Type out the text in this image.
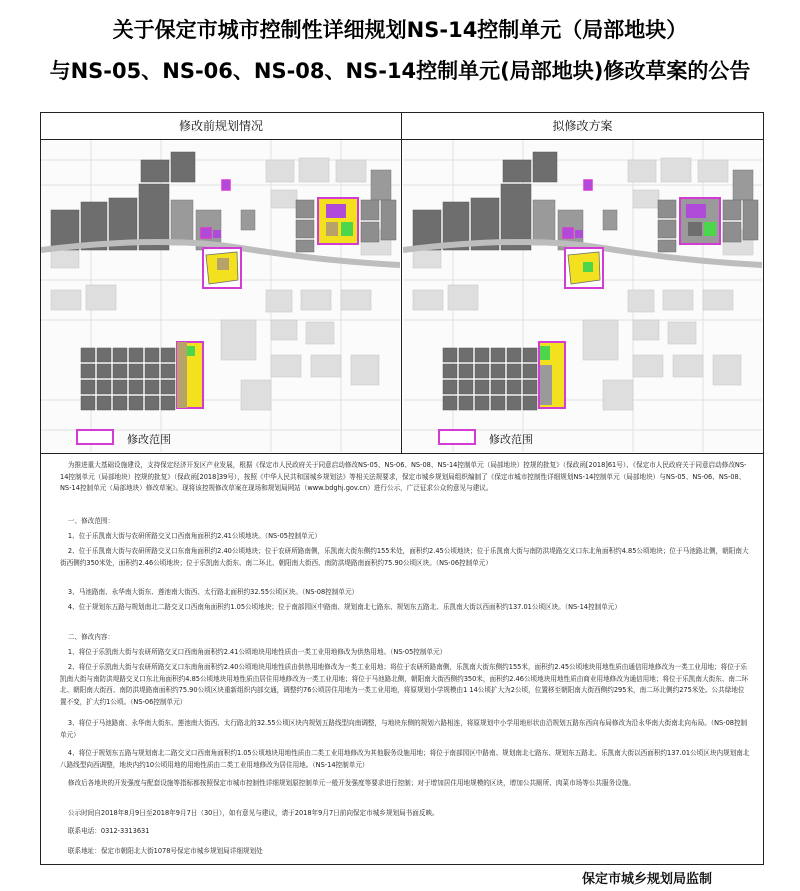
关于保定市城市控制性详细规划NS-14控制单元（局部地块）
与NS-05、NS-06、NS-08、NS-14控制单元(局部地块)修改草案的公告
修改前规划情况	拟修改方案
修改范围	修改范围
为推进重大基础设施建设，支持保定经济开发区产业发展，根据《保定市人民政府关于同意启动修改NS-05、NS-06、NS-08、NS-14控制单元（局部地块）控规的批复》（保政函[2018]61号）、《保定市人民政府关于同意启动修改NS-14控制单元（局部地块）控规的批复》（保政函[2018]39号），按照《中华人民共和国城乡规划法》等相关法规要求，保定市城乡规划局组织编制了《保定市城市控制性详细规划NS-14控制单元（局部地块）与NS-05、NS-06、NS-08、NS-14控制单元（局部地块）修改草案》。现将该控规修改草案在现场和规划局网站（www.bdghj.gov.cn）进行公示，广泛征求公众的意见与建议。
一、修改范围：
1、位于乐凯南大街与农研所路交叉口西南角面积约2.41公顷地块。（NS-05控制单元）
2、位于乐凯南大街与农研所路交叉口东南角面积约2.40公顷地块；位于农研所路南侧，乐凯南大街东侧约155米处，面积约2.45公顷地块；位于乐凯南大街与南防洪堤路交叉口东北角面积约4.85公顷地块；位于马池路北侧，朝阳南大街西侧约350米处，面积约2.46公顷地块；位于乐凯南大街东、南二环北、朝阳南大街西、南防洪堤路南面积约75.90公顷区块。（NS-06控制单元）
3、马池路南、永华南大街东、莲池南大街西、太行路北面积约32.55公顷区块。（NS-08控制单元）
4、位于规划东五路与规划南北二路交叉口西南角面积约1.05公顷地块；位于南部园区中路南、规划南北七路东、规划东五路北、乐凯南大街以西面积约137.01公顷区块。（NS-14控制单元）
二、修改内容：
1、将位于乐凯南大街与农研所路交叉口西南角面积约2.41公顷地块用地性质由一类工业用地修改为供热用地。（NS-05控制单元）
2、将位于乐凯南大街与农研所路交叉口东南角面积约2.40公顷地块用地性质由供热用地修改为一类工业用地；将位于农研所路南侧，乐凯南大街东侧约155米，面积约2.45公顷地块用地性质由通信用地修改为一类工业用地；将位于乐凯南大街与南防洪堤路交叉口东北角面积约4.85公顷地块用地性质由居住用地修改为一类工业用地；将位于马池路北侧，朝阳南大街西侧约350米，面积约2.46公顷地块用地性质由商业用地修改为通信用地；将位于乐凯南大街东、南二环北、朝阳南大街西、南防洪堤路南面积约75.90公顷区块重新组织内部交通，调整约76公顷居住用地为一类工业用地，将原规划小学规模由1 14公顷扩大为2公顷，位置移至朝阳南大街西侧约295米，南二环北侧约275米处。公共绿地位置不变，扩大约1公顷。（NS-06控制单元）
3、将位于马池路南、永华南大街东、莲池南大街西、太行路北的32.55公顷区块内规划五路线型向南调整，与地块东侧的规划六路相连，将原规划中小学用地形状由沿规划五路东西向布局修改为沿永华南大街南北向布局。（NS-08控制单元）
4、将位于规划东五路与规划南北二路交叉口西南角面积约1.05公顷地块用地性质由二类工业用地修改为其他服务设施用地；将位于南部园区中路南、规划南北七路东、规划东五路北、乐凯南大街以西面积约137.01公顷区块内规划南北八路线型向西调整，地块内约10公顷用地的用地性质由二类工业用地修改为居住用地。（NS-14控制单元）
修改后各地块的开发强度与配套设施等指标都按照保定市城市控制性详细规划原控制单元一般开发强度等要求进行控制；对于增加居住用地规模的区块，增加公共厕所、肉菜市场等公共服务设施。
公示时间自2018年8月9日至2018年9月7日（30日），如有意见与建议，请于2018年9月7日前向保定市城乡规划局书面反映。
联系电话：0312-3313631
联系地址：保定市朝阳北大街1078号保定市城乡规划局详细规划处
保定市城乡规划局监制
